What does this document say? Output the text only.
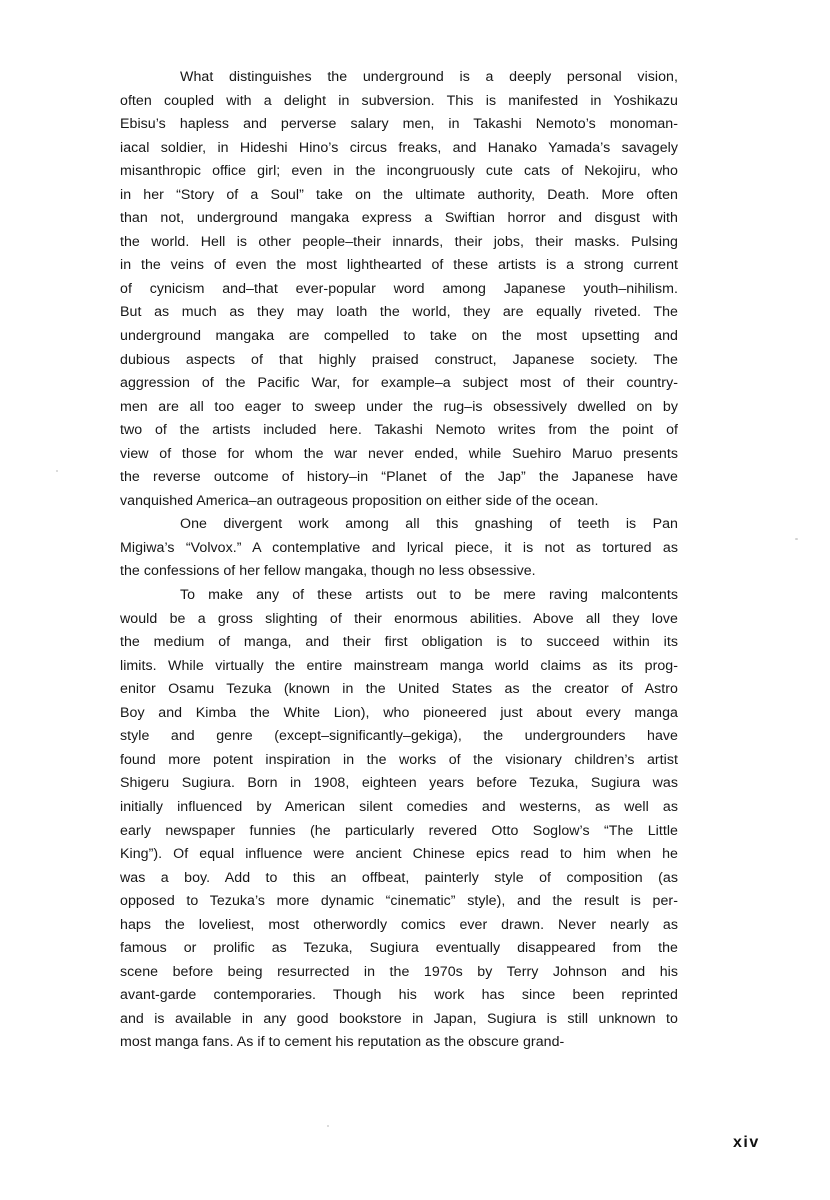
What distinguishes the underground is a deeply personal vision,
often coupled with a delight in subversion. This is manifested in Yoshikazu
Ebisu’s hapless and perverse salary men, in Takashi Nemoto’s monoman-
iacal soldier, in Hideshi Hino’s circus freaks, and Hanako Yamada’s savagely
misanthropic office girl; even in the incongruously cute cats of Nekojiru, who
in her “Story of a Soul” take on the ultimate authority, Death. More often
than not, underground mangaka express a Swiftian horror and disgust with
the world. Hell is other people–their innards, their jobs, their masks. Pulsing
in the veins of even the most lighthearted of these artists is a strong current
of cynicism and–that ever-popular word among Japanese youth–nihilism.
But as much as they may loath the world, they are equally riveted. The
underground mangaka are compelled to take on the most upsetting and
dubious aspects of that highly praised construct, Japanese society. The
aggression of the Pacific War, for example–a subject most of their country-
men are all too eager to sweep under the rug–is obsessively dwelled on by
two of the artists included here. Takashi Nemoto writes from the point of
view of those for whom the war never ended, while Suehiro Maruo presents
the reverse outcome of history–in “Planet of the Jap” the Japanese have
vanquished America–an outrageous proposition on either side of the ocean.
One divergent work among all this gnashing of teeth is Pan
Migiwa’s “Volvox.” A contemplative and lyrical piece, it is not as tortured as
the confessions of her fellow mangaka, though no less obsessive.
To make any of these artists out to be mere raving malcontents
would be a gross slighting of their enormous abilities. Above all they love
the medium of manga, and their first obligation is to succeed within its
limits. While virtually the entire mainstream manga world claims as its prog-
enitor Osamu Tezuka (known in the United States as the creator of Astro
Boy and Kimba the White Lion), who pioneered just about every manga
style and genre (except–significantly–gekiga), the undergrounders have
found more potent inspiration in the works of the visionary children’s artist
Shigeru Sugiura. Born in 1908, eighteen years before Tezuka, Sugiura was
initially influenced by American silent comedies and westerns, as well as
early newspaper funnies (he particularly revered Otto Soglow’s “The Little
King”). Of equal influence were ancient Chinese epics read to him when he
was a boy. Add to this an offbeat, painterly style of composition (as
opposed to Tezuka’s more dynamic “cinematic” style), and the result is per-
haps the loveliest, most otherwordly comics ever drawn. Never nearly as
famous or prolific as Tezuka, Sugiura eventually disappeared from the
scene before being resurrected in the 1970s by Terry Johnson and his
avant-garde contemporaries. Though his work has since been reprinted
and is available in any good bookstore in Japan, Sugiura is still unknown to
most manga fans. As if to cement his reputation as the obscure grand-
xiv
